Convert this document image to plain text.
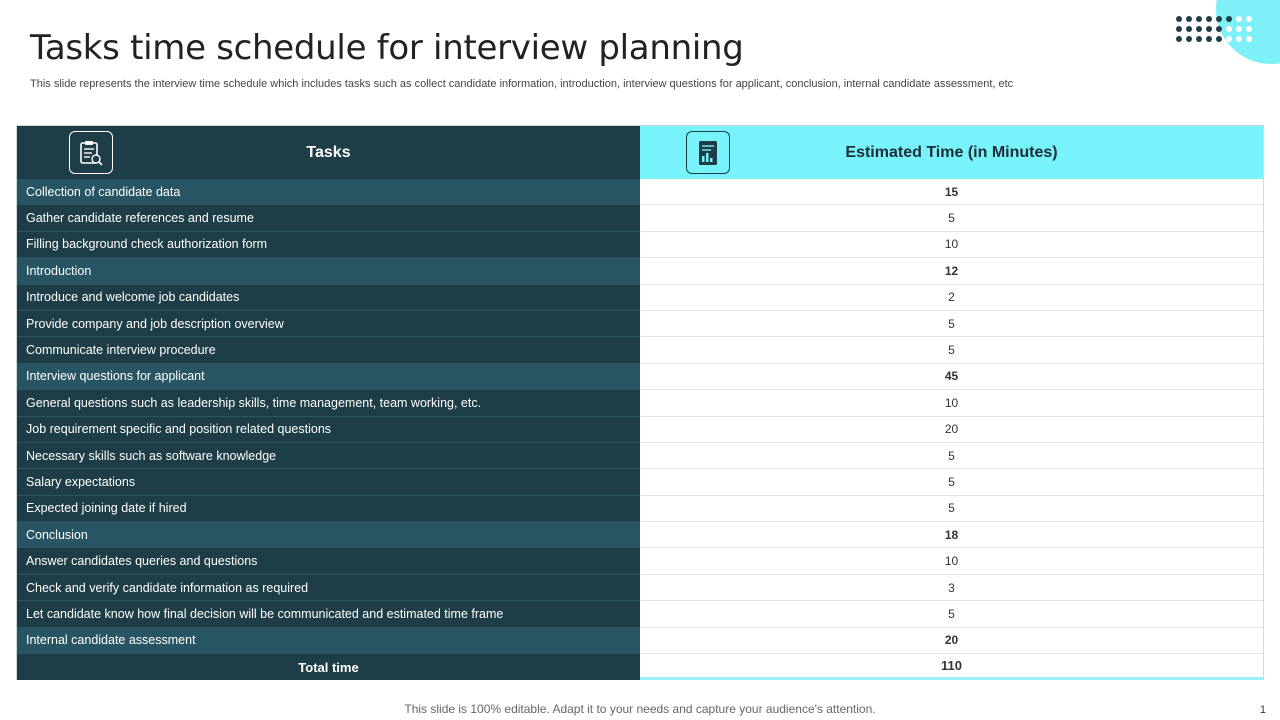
Tasks time schedule for interview planning

This slide represents the interview time schedule which includes tasks such as collect candidate information, introduction, interview questions for applicant, conclusion, internal candidate assessment, etc

Tasks	Estimated Time (in Minutes)
Collection of candidate data	15
Gather candidate references and resume	5
Filling background check authorization form	10
Introduction	12
Introduce and welcome job candidates	2
Provide company and job description overview	5
Communicate interview procedure	5
Interview questions for applicant	45
General questions such as leadership skills, time management, team working, etc.	10
Job requirement specific and position related questions	20
Necessary skills such as software knowledge	5
Salary expectations	5
Expected joining date if hired	5
Conclusion	18
Answer candidates queries and questions	10
Check and verify candidate information as required	3
Let candidate know how final decision will be communicated and estimated time frame	5
Internal candidate assessment	20
Total time	110
This slide is 100% editable. Adapt it to your needs and capture your audience's attention.	1
